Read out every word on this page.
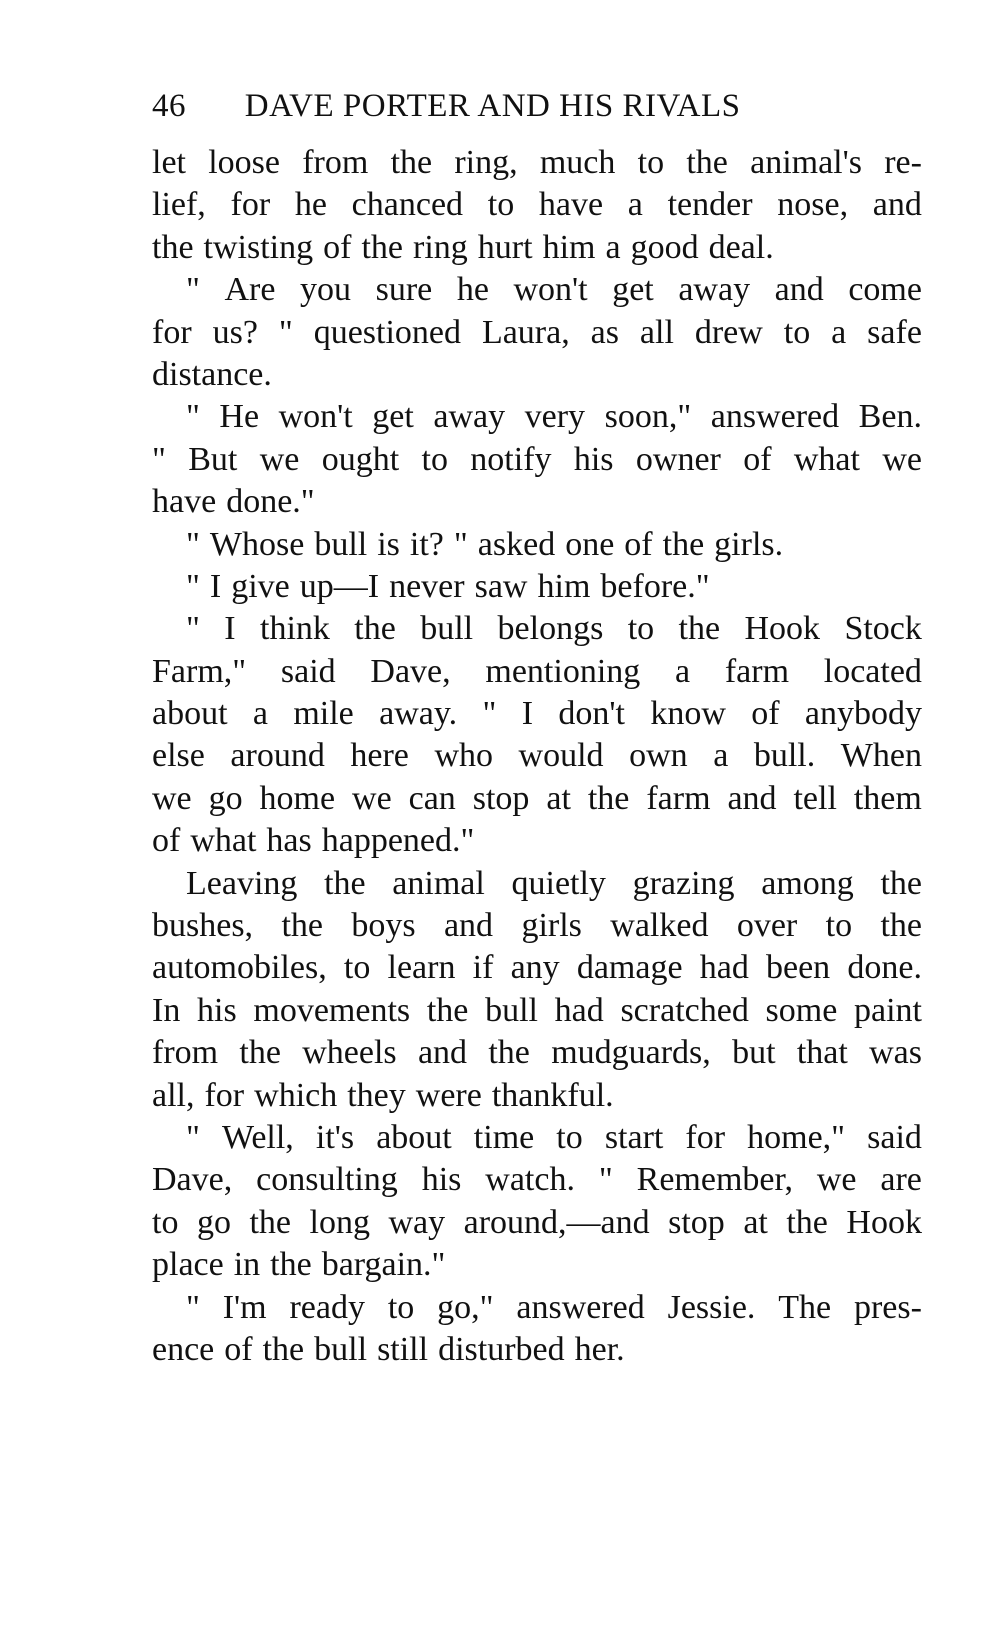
46 DAVE PORTER AND HIS RIVALS
let loose from the ring, much to the animal's re-
lief, for he chanced to have a tender nose, and
the twisting of the ring hurt him a good deal.
" Are you sure he won't get away and come
for us? " questioned Laura, as all drew to a safe
distance.
" He won't get away very soon," answered Ben.
" But we ought to notify his owner of what we
have done."
" Whose bull is it? " asked one of the girls.
" I give up—I never saw him before."
" I think the bull belongs to the Hook Stock
Farm," said Dave, mentioning a farm located
about a mile away. " I don't know of anybody
else around here who would own a bull. When
we go home we can stop at the farm and tell them
of what has happened."
Leaving the animal quietly grazing among the
bushes, the boys and girls walked over to the
automobiles, to learn if any damage had been done.
In his movements the bull had scratched some paint
from the wheels and the mudguards, but that was
all, for which they were thankful.
" Well, it's about time to start for home," said
Dave, consulting his watch. " Remember, we are
to go the long way around,—and stop at the Hook
place in the bargain."
" I'm ready to go," answered Jessie. The pres-
ence of the bull still disturbed her.
